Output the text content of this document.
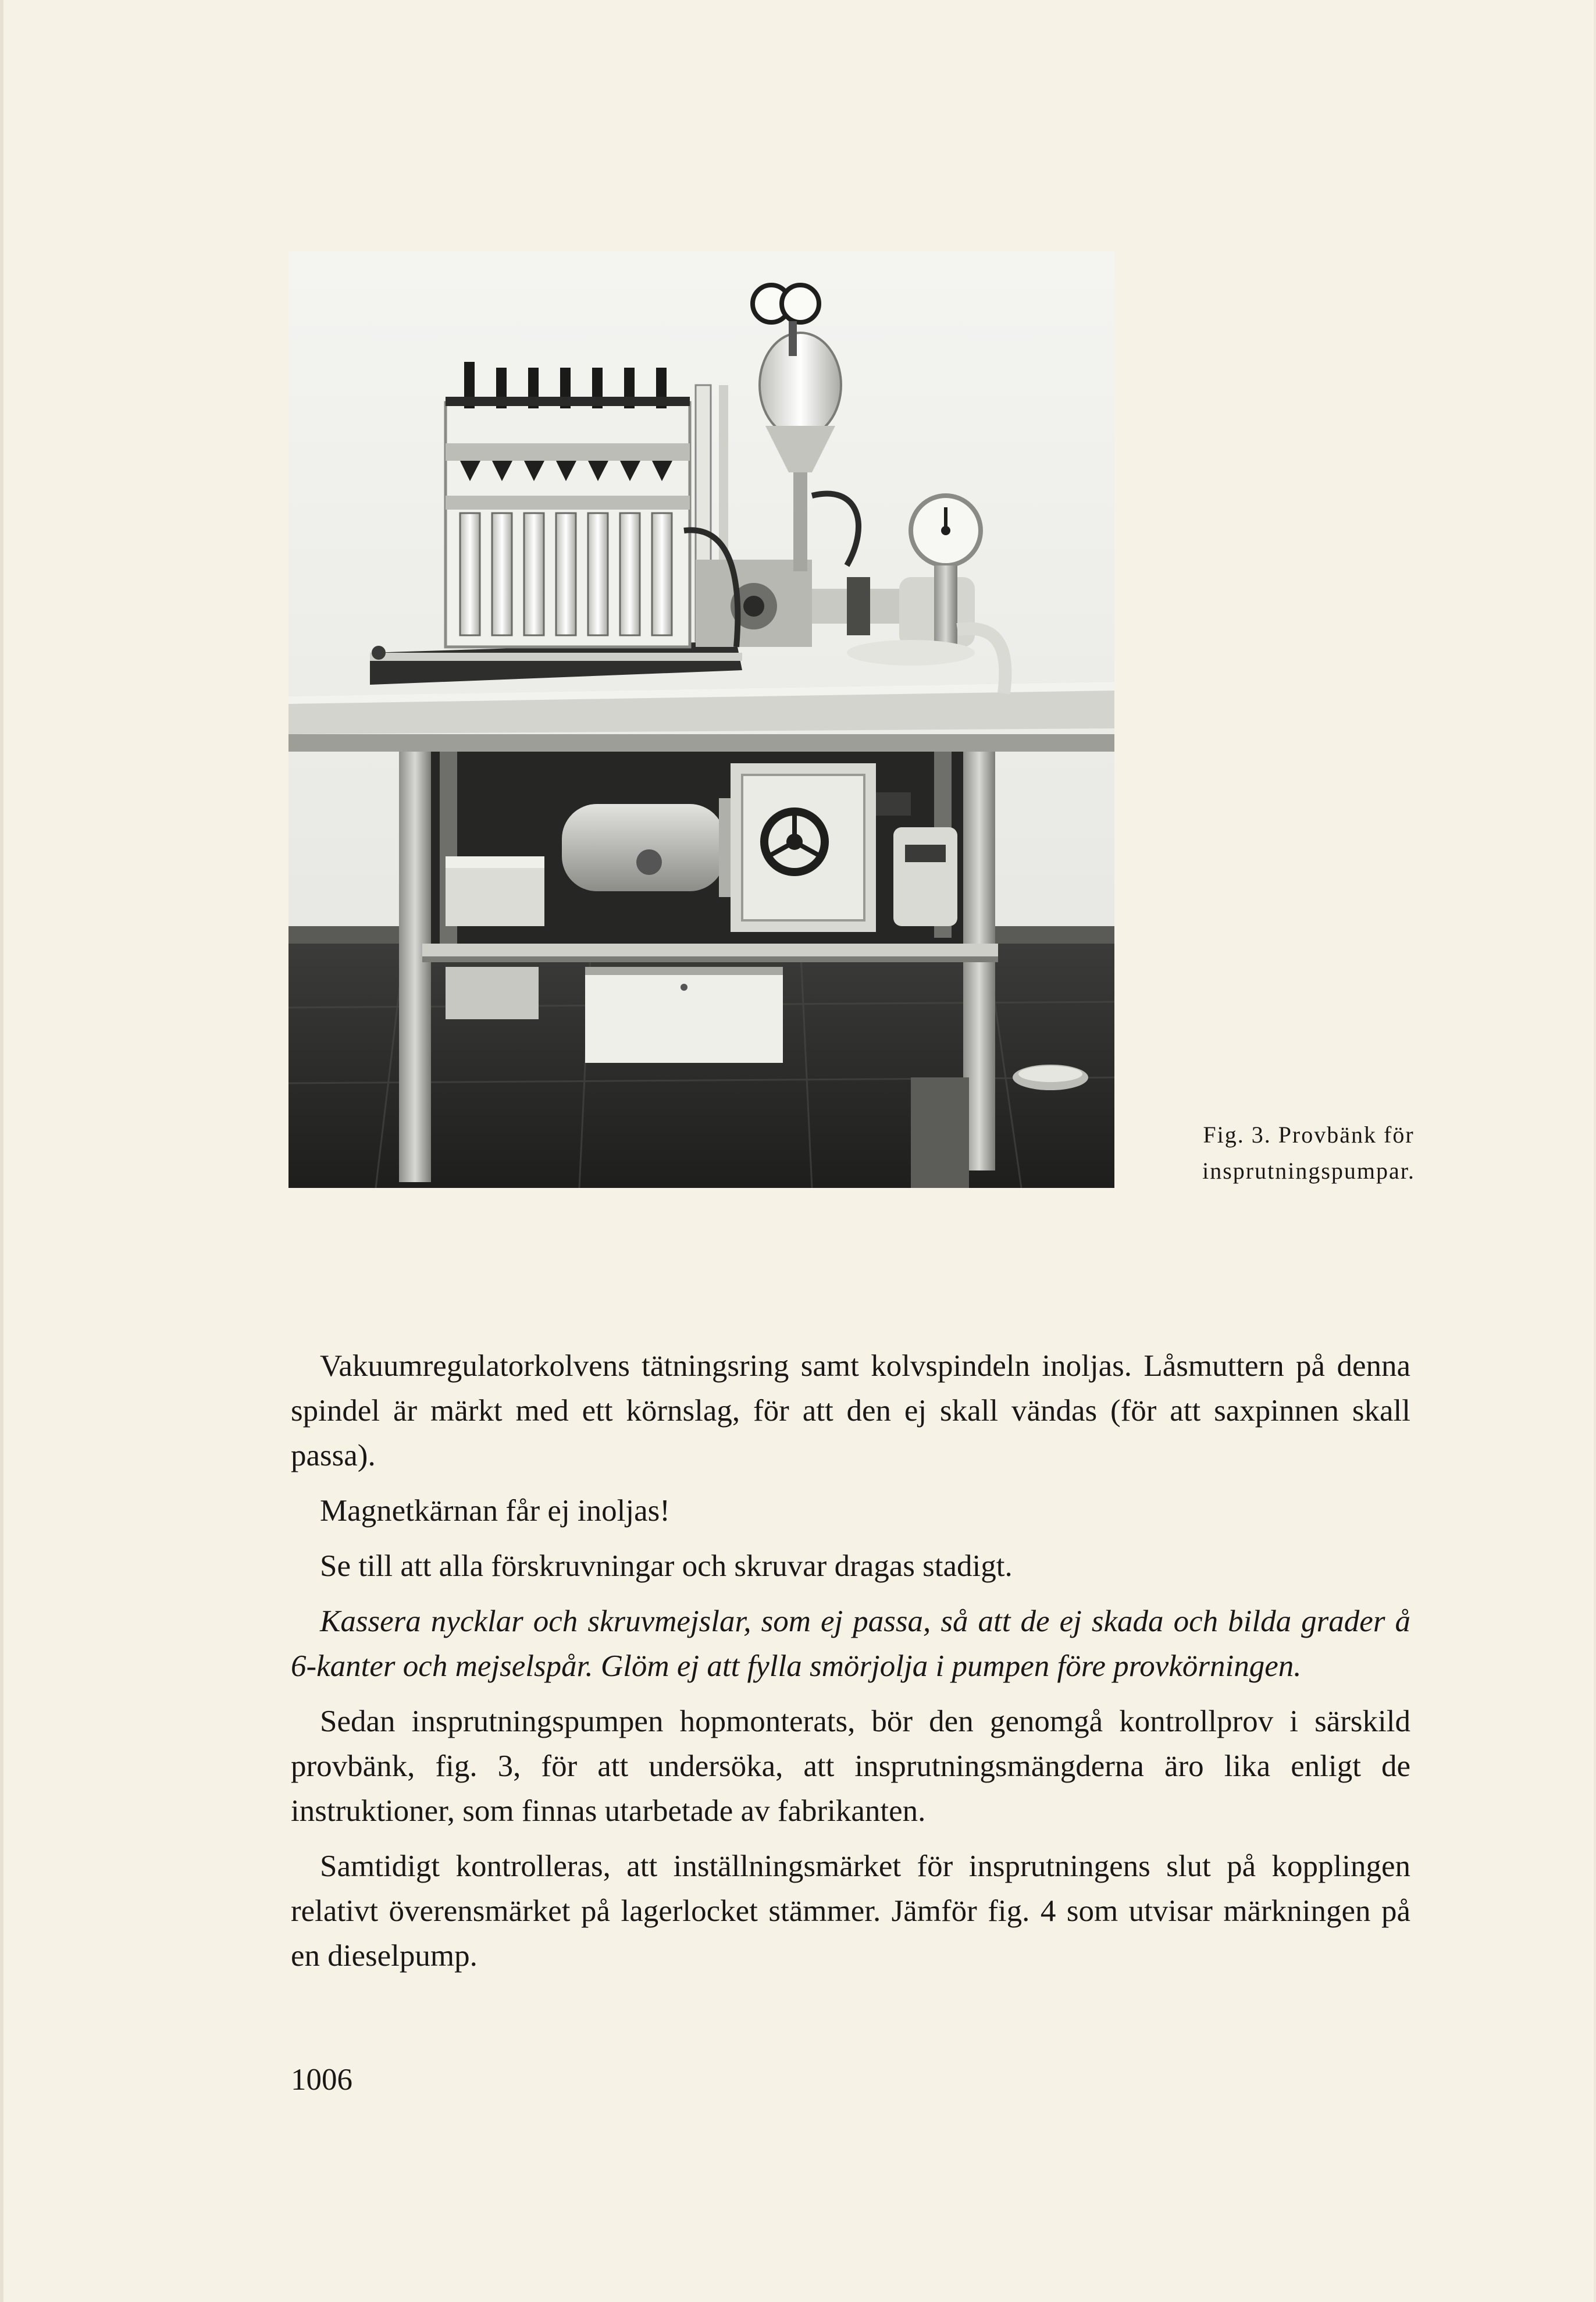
Fig. 3. Provbänk för
insprutningspumpar.

Vakuumregulatorkolvens tätningsring samt kolvspindeln inoljas. Låsmuttern på denna spindel är märkt med ett körnslag, för att den ej skall vändas (för att saxpinnen skall passa).

Magnetkärnan får ej inoljas!

Se till att alla förskruvningar och skruvar dragas stadigt.

Kassera nycklar och skruvmejslar, som ej passa, så att de ej skada och bilda grader å 6-kanter och mejselspår. Glöm ej att fylla smörjolja i pumpen före provkörningen.

Sedan insprutningspumpen hopmonterats, bör den genomgå kontrollprov i särskild provbänk, fig. 3, för att undersöka, att insprutningsmängderna äro lika enligt de instruktioner, som finnas utarbetade av fabrikanten.

Samtidigt kontrolleras, att inställningsmärket för insprutningens slut på kopplingen relativt överensmärket på lagerlocket stämmer. Jämför fig. 4 som utvisar märkningen på en dieselpump.

1006
